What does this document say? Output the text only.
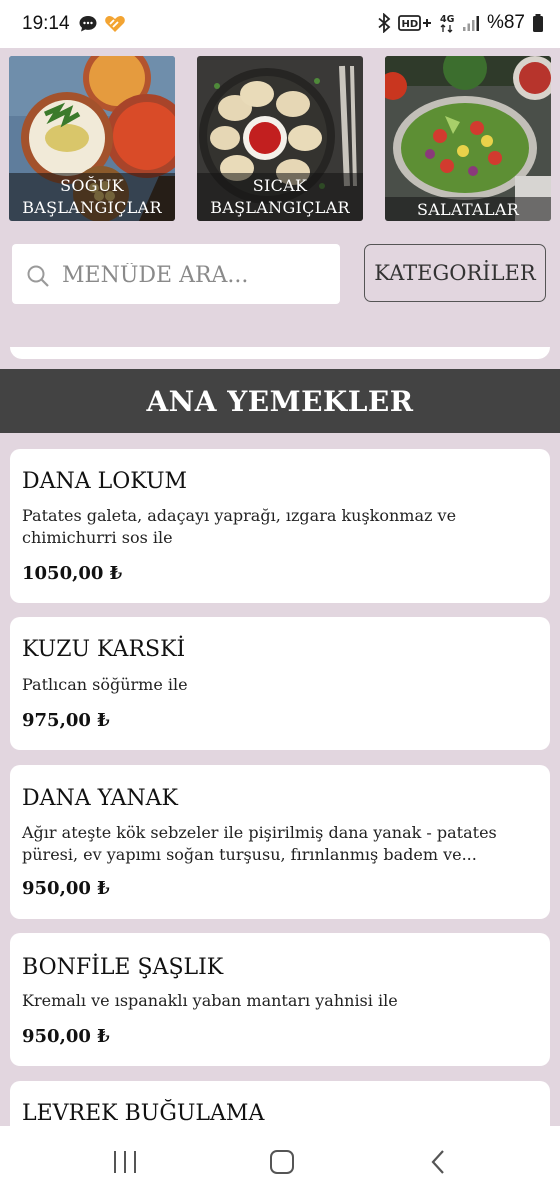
19:14	HD 4G %87
SOĞUK
BAŞLANGIÇLAR
SICAK
BAŞLANGIÇLAR	SALATALAR
MENÜDE ARA...
KATEGORİLER
ANA YEMEKLER
DANA LOKUM
Patates galeta, adaçayı yaprağı, ızgara kuşkonmaz ve chimichurri sos ile
1050,00 ₺
KUZU KARSKİ
Patlıcan söğürme ile
975,00 ₺
DANA YANAK
Ağır ateşte kök sebzeler ile pişirilmiş dana yanak - patates püresi, ev yapımı soğan turşusu, fırınlanmış badem ve...
950,00 ₺
BONFİLE ŞAŞLIK
Kremalı ve ıspanaklı yaban mantarı yahnisi ile
950,00 ₺
LEVREK BUĞULAMA
